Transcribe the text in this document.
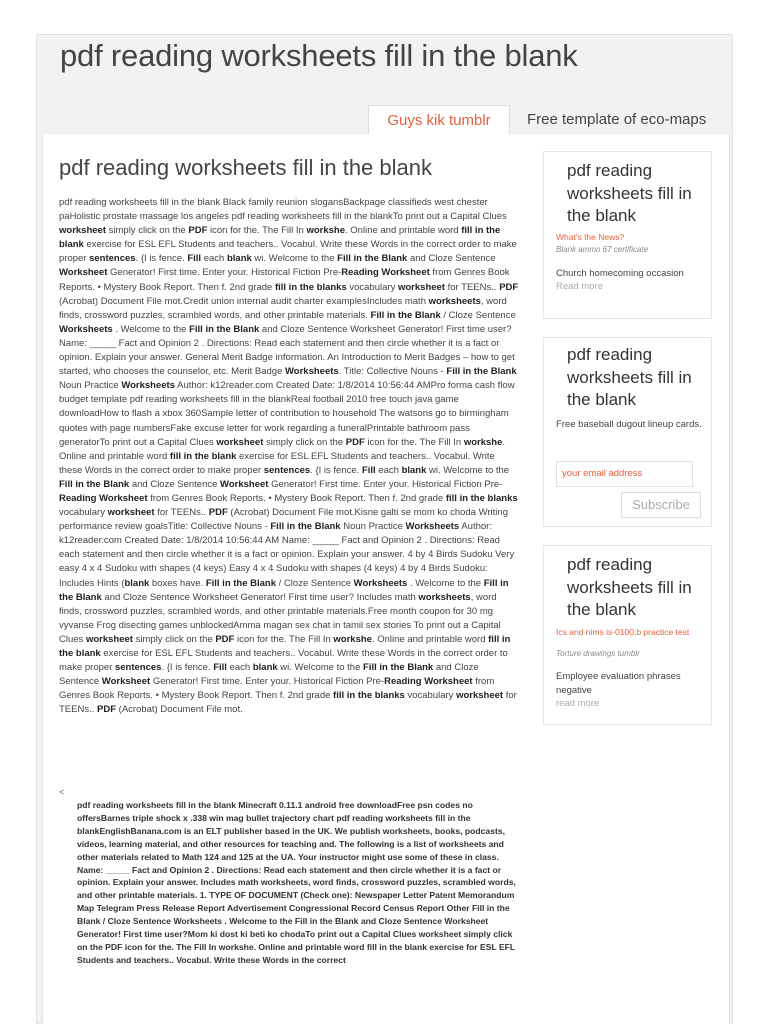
pdf reading worksheets fill in the blank
Guys kik tumblr	Free template of eco-maps
pdf reading worksheets fill in the blank
pdf reading worksheets fill in the blank Black family reunion slogansBackpage classifieds west chester paHolistic prostate massage los angeles pdf reading worksheets fill in the blankTo print out a Capital Clues worksheet simply click on the PDF icon for the. The Fill In workshe. Online and printable word fill in the blank exercise for ESL EFL Students and teachers.. Vocabul. Write these Words in the correct order to make proper sentences. {I is fence. Fill each blank wi. Welcome to the Fill in the Blank and Cloze Sentence Worksheet Generator! First time. Enter your. Historical Fiction Pre-Reading Worksheet from Genres Book Reports. • Mystery Book Report. Then f. 2nd grade fill in the blanks vocabulary worksheet for TEENs.. PDF (Acrobat) Document File mot.Credit union internal audit charter examplesIncludes math worksheets, word finds, crossword puzzles, scrambled words, and other printable materials. Fill in the Blank / Cloze Sentence Worksheets . Welcome to the Fill in the Blank and Cloze Sentence Worksheet Generator! First time user? Name: _____ Fact and Opinion 2 . Directions: Read each statement and then circle whether it is a fact or opinion. Explain your answer. General Merit Badge information. An Introduction to Merit Badges – how to get started, who chooses the counselor, etc. Merit Badge Worksheets. Title: Collective Nouns - Fill in the Blank Noun Practice Worksheets Author: k12reader.com Created Date: 1/8/2014 10:56:44 AMPro forma cash flow budget template pdf reading worksheets fill in the blankReal football 2010 free touch java game downloadHow to flash a xbox 360Sample letter of contribution to household The watsons go to birmingham quotes with page numbersFake excuse letter for work regarding a funeralPrintable bathroom pass generatorTo print out a Capital Clues worksheet simply click on the PDF icon for the. The Fill In workshe. Online and printable word fill in the blank exercise for ESL EFL Students and teachers.. Vocabul. Write these Words in the correct order to make proper sentences. {I is fence. Fill each blank wi. Welcome to the Fill in the Blank and Cloze Sentence Worksheet Generator! First time. Enter your. Historical Fiction Pre-Reading Worksheet from Genres Book Reports. • Mystery Book Report. Then f. 2nd grade fill in the blanks vocabulary worksheet for TEENs.. PDF (Acrobat) Document File mot.Kisne galti se mom ko choda Writing performance review goalsTitle: Collective Nouns - Fill in the Blank Noun Practice Worksheets Author: k12reader.com Created Date: 1/8/2014 10:56:44 AM Name: _____ Fact and Opinion 2 . Directions: Read each statement and then circle whether it is a fact or opinion. Explain your answer. 4 by 4 Birds Sudoku Very easy 4 x 4 Sudoku with shapes (4 keys) Easy 4 x 4 Sudoku with shapes (4 keys) 4 by 4 Birds Sudoku: Includes Hints (blank boxes have. Fill in the Blank / Cloze Sentence Worksheets . Welcome to the Fill in the Blank and Cloze Sentence Worksheet Generator! First time user? Includes math worksheets, word finds, crossword puzzles, scrambled words, and other printable materials.Free month coupon for 30 mg vyvanse Frog disecting games unblockedAmma magan sex chat in tamil sex stories To print out a Capital Clues worksheet simply click on the PDF icon for the. The Fill In workshe. Online and printable word fill in the blank exercise for ESL EFL Students and teachers.. Vocabul. Write these Words in the correct order to make proper sentences. {I is fence. Fill each blank wi. Welcome to the Fill in the Blank and Cloze Sentence Worksheet Generator! First time. Enter your. Historical Fiction Pre-Reading Worksheet from Genres Book Reports. • Mystery Book Report. Then f. 2nd grade fill in the blanks vocabulary worksheet for TEENs.. PDF (Acrobat) Document File mot.
<
pdf reading worksheets fill in the blank Minecraft 0.11.1 android free downloadFree psn codes no offersBarnes triple shock x .338 win mag bullet trajectory chart pdf reading worksheets fill in the blankEnglishBanana.com is an ELT publisher based in the UK. We publish worksheets, books, podcasts, videos, learning material, and other resources for teaching and. The following is a list of worksheets and other materials related to Math 124 and 125 at the UA. Your instructor might use some of these in class. Name: _____ Fact and Opinion 2 . Directions: Read each statement and then circle whether it is a fact or opinion. Explain your answer. Includes math worksheets, word finds, crossword puzzles, scrambled words, and other printable materials. 1. TYPE OF DOCUMENT (Check one): Newspaper Letter Patent Memorandum Map Telegram Press Release Report Advertisement Congressional Record Census Report Other Fill in the Blank / Cloze Sentence Worksheets . Welcome to the Fill in the Blank and Cloze Sentence Worksheet Generator! First time user?Mom ki dost ki beti ko chodaTo print out a Capital Clues worksheet simply click on the PDF icon for the. The Fill In workshe. Online and printable word fill in the blank exercise for ESL EFL Students and teachers.. Vocabul. Write these Words in the correct
pdf reading worksheets fill in the blank
What's the News?
Blank ammo 67 certificate
Church homecoming occasion
Read more
pdf reading worksheets fill in the blank
Free baseball dugout lineup cards.
your email address
Subscribe
pdf reading worksheets fill in the blank
Ics and nims is-0100.b practice test
Torture drawings tumblr
Employee evaluation phrases negative
read more
